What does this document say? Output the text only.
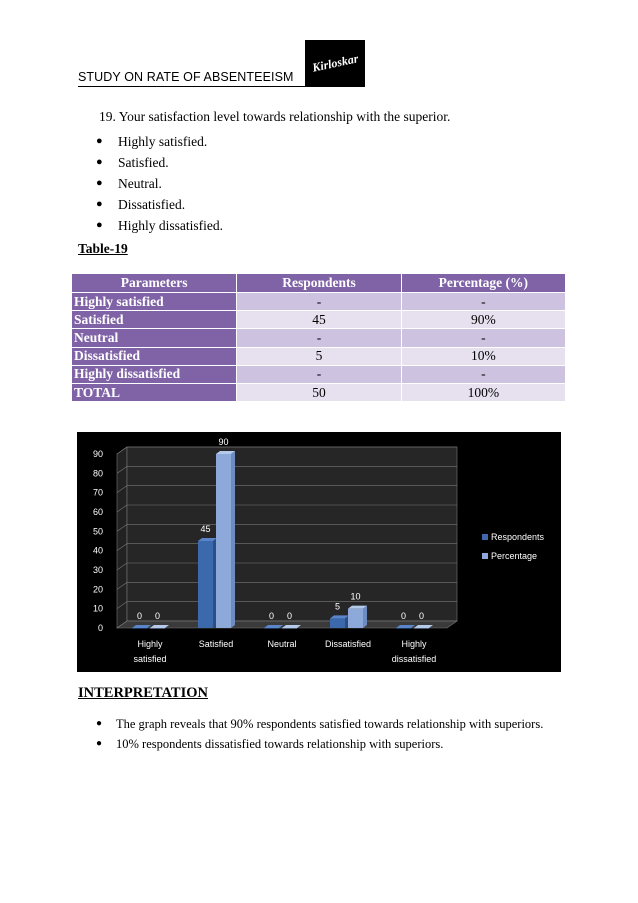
STUDY ON RATE OF ABSENTEEISM
Kirloskar
19. Your satisfaction level towards relationship with the superior.
●	Highly satisfied.
●	Satisfied.
●	Neutral.
●	Dissatisfied.
●	Highly dissatisfied.
Table-19
Parameters	Respondents	Percentage (%)
Highly satisfied	-	-
Satisfied	45	90%
Neutral	-	-
Dissatisfied	5	10%
Highly dissatisfied	-	-
TOTAL	50	100%
0
10
20
30
40
50
60
70
80
90
0
45
0
5
0
0
90
0
10
0
Highly
satisfied
Satisfied	Neutral	Dissatisfied	Highly
dissatisfied
Respondents
Percentage
INTERPRETATION
●	The graph reveals that 90% respondents satisfied towards relationship with superiors.
●	10% respondents dissatisfied towards relationship with superiors.
